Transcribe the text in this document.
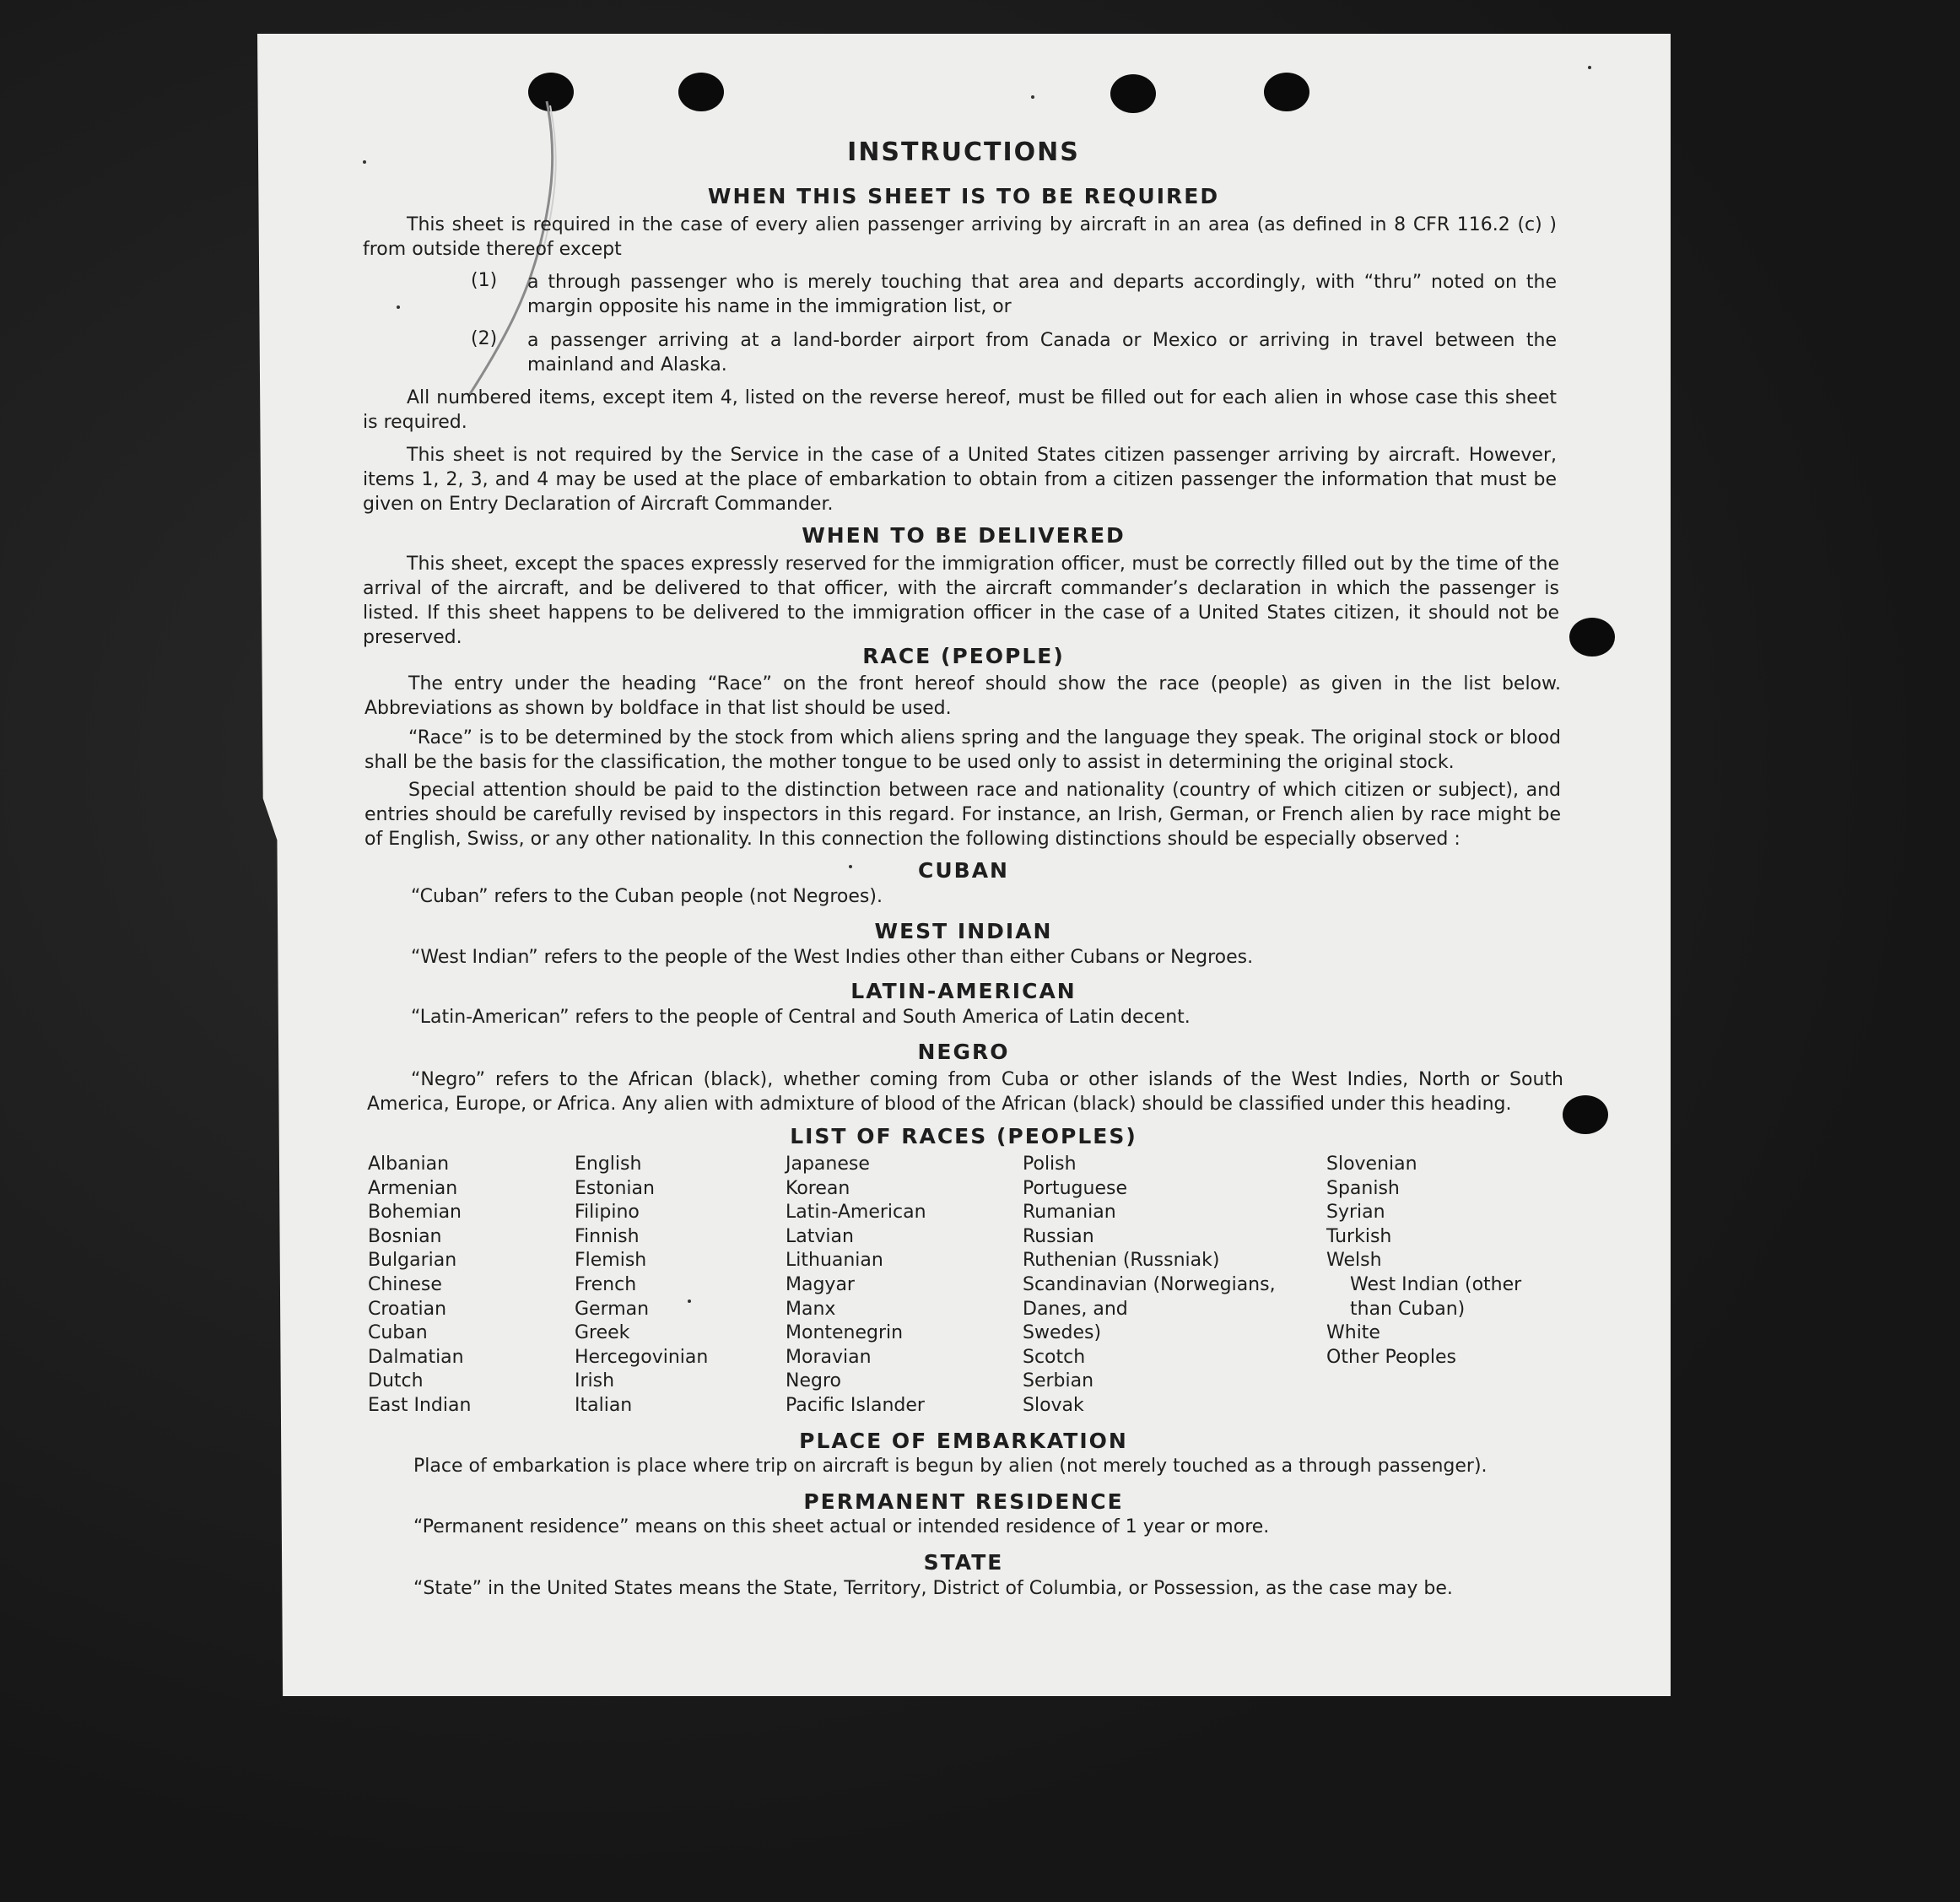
INSTRUCTIONS
WHEN THIS SHEET IS TO BE REQUIRED
This sheet is required in the case of every alien passenger arriving by aircraft in an area (as defined in 8 CFR 116.2 (c) ) from outside thereof except
(1) a through passenger who is merely touching that area and departs accordingly, with “thru” noted on the margin opposite his name in the immigration list, or
(2) a passenger arriving at a land-border airport from Canada or Mexico or arriving in travel between the mainland and Alaska.
All numbered items, except item 4, listed on the reverse hereof, must be filled out for each alien in whose case this sheet is required.
This sheet is not required by the Service in the case of a United States citizen passenger arriving by aircraft. However, items 1, 2, 3, and 4 may be used at the place of embarkation to obtain from a citizen passenger the information that must be given on Entry Declaration of Aircraft Commander.
WHEN TO BE DELIVERED
This sheet, except the spaces expressly reserved for the immigration officer, must be correctly filled out by the time of the arrival of the aircraft, and be delivered to that officer, with the aircraft commander’s declaration in which the passenger is listed. If this sheet happens to be delivered to the immigration officer in the case of a United States citizen, it should not be preserved.
RACE (PEOPLE)
The entry under the heading “Race” on the front hereof should show the race (people) as given in the list below. Abbreviations as shown by boldface in that list should be used.
“Race” is to be determined by the stock from which aliens spring and the language they speak. The original stock or blood shall be the basis for the classification, the mother tongue to be used only to assist in determining the original stock.
Special attention should be paid to the distinction between race and nationality (country of which citizen or subject), and entries should be carefully revised by inspectors in this regard. For instance, an Irish, German, or French alien by race might be of English, Swiss, or any other nationality. In this connection the following distinctions should be especially observed :
CUBAN
“Cuban” refers to the Cuban people (not Negroes).
WEST INDIAN
“West Indian” refers to the people of the West Indies other than either Cubans or Negroes.
LATIN-AMERICAN
“Latin-American” refers to the people of Central and South America of Latin decent.
NEGRO
“Negro” refers to the African (black), whether coming from Cuba or other islands of the West Indies, North or South America, Europe, or Africa. Any alien with admixture of blood of the African (black) should be classified under this heading.
LIST OF RACES (PEOPLES)
Albanian
Armenian
Bohemian
Bosnian
Bulgarian
Chinese
Croatian
Cuban
Dalmatian
Dutch
East Indian
English
Estonian
Filipino
Finnish
Flemish
French
German
Greek
Hercegovinian
Irish
Italian
Japanese
Korean
Latin-American
Latvian
Lithuanian
Magyar
Manx
Montenegrin
Moravian
Negro
Pacific Islander
Polish
Portuguese
Rumanian
Russian
Ruthenian (Russniak)
Scandinavian (Norwegians,
Danes, and
Swedes)
Scotch
Serbian
Slovak
Slovenian
Spanish
Syrian
Turkish
Welsh
West Indian (other
than Cuban)
White
Other Peoples
PLACE OF EMBARKATION
Place of embarkation is place where trip on aircraft is begun by alien (not merely touched as a through passenger).
PERMANENT RESIDENCE
“Permanent residence” means on this sheet actual or intended residence of 1 year or more.
STATE
“State” in the United States means the State, Territory, District of Columbia, or Possession, as the case may be.
